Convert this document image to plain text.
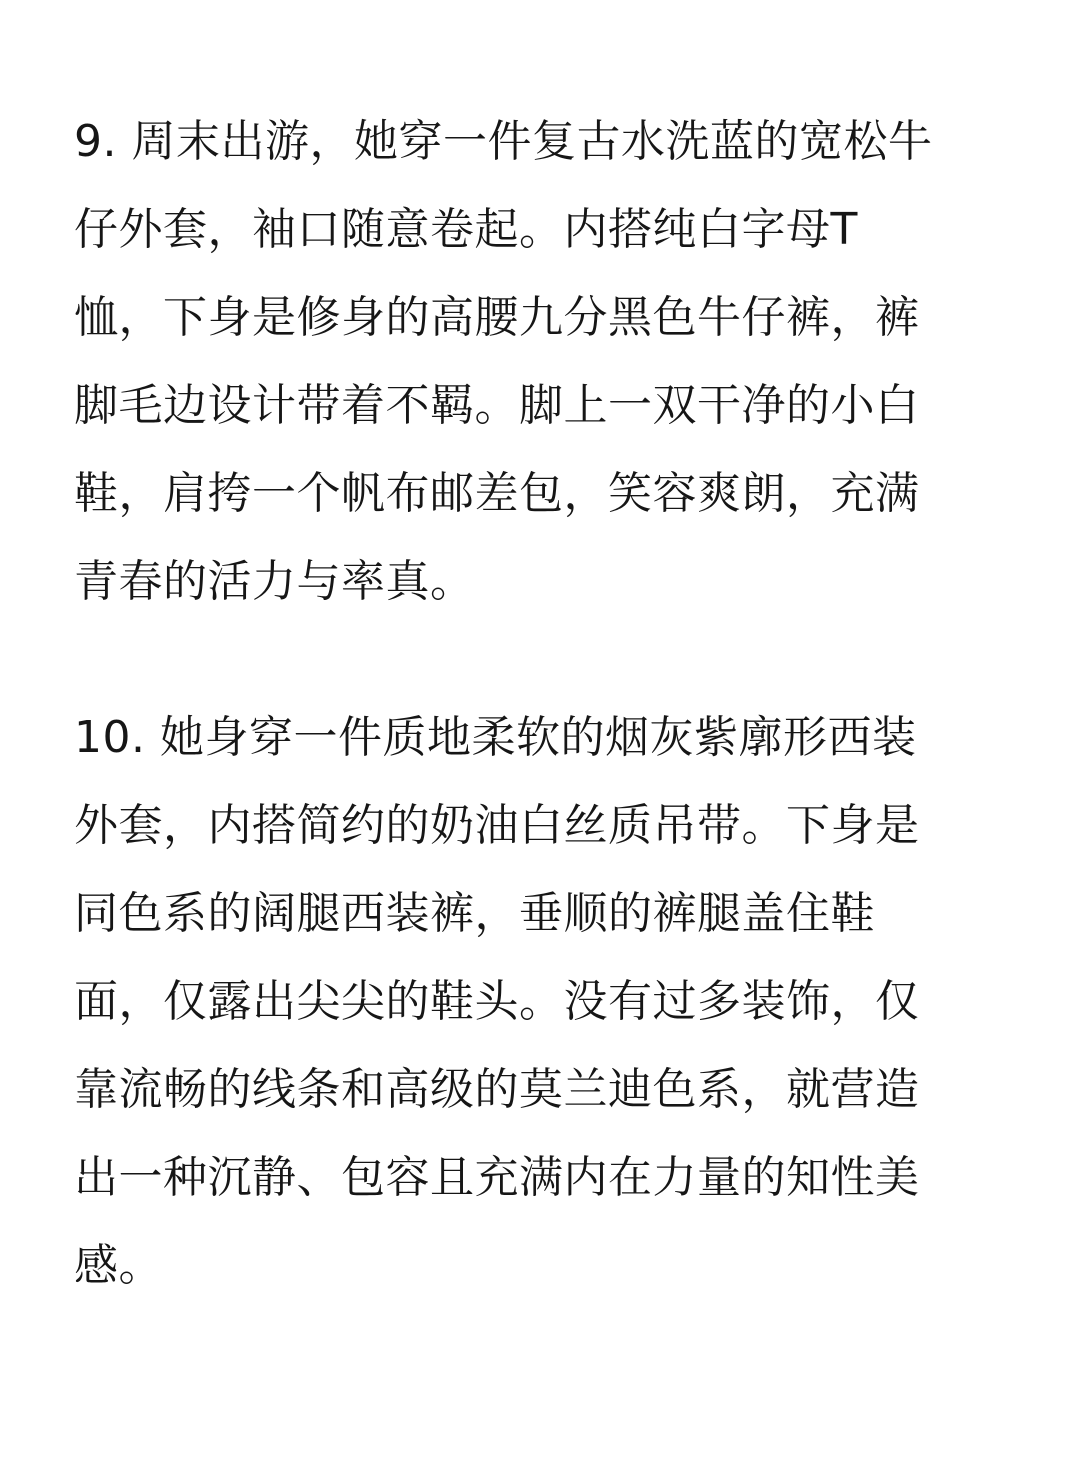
9. 周末出游，她穿一件复古水洗蓝的宽松牛
仔外套，袖口随意卷起。内搭纯白字母T
恤，下身是修身的高腰九分黑色牛仔裤，裤
脚毛边设计带着不羁。脚上一双干净的小白
鞋，肩挎一个帆布邮差包，笑容爽朗，充满
青春的活力与率真。
10. 她身穿一件质地柔软的烟灰紫廓形西装
外套，内搭简约的奶油白丝质吊带。下身是
同色系的阔腿西装裤，垂顺的裤腿盖住鞋
面，仅露出尖尖的鞋头。没有过多装饰，仅
靠流畅的线条和高级的莫兰迪色系，就营造
出一种沉静、包容且充满内在力量的知性美
感。
